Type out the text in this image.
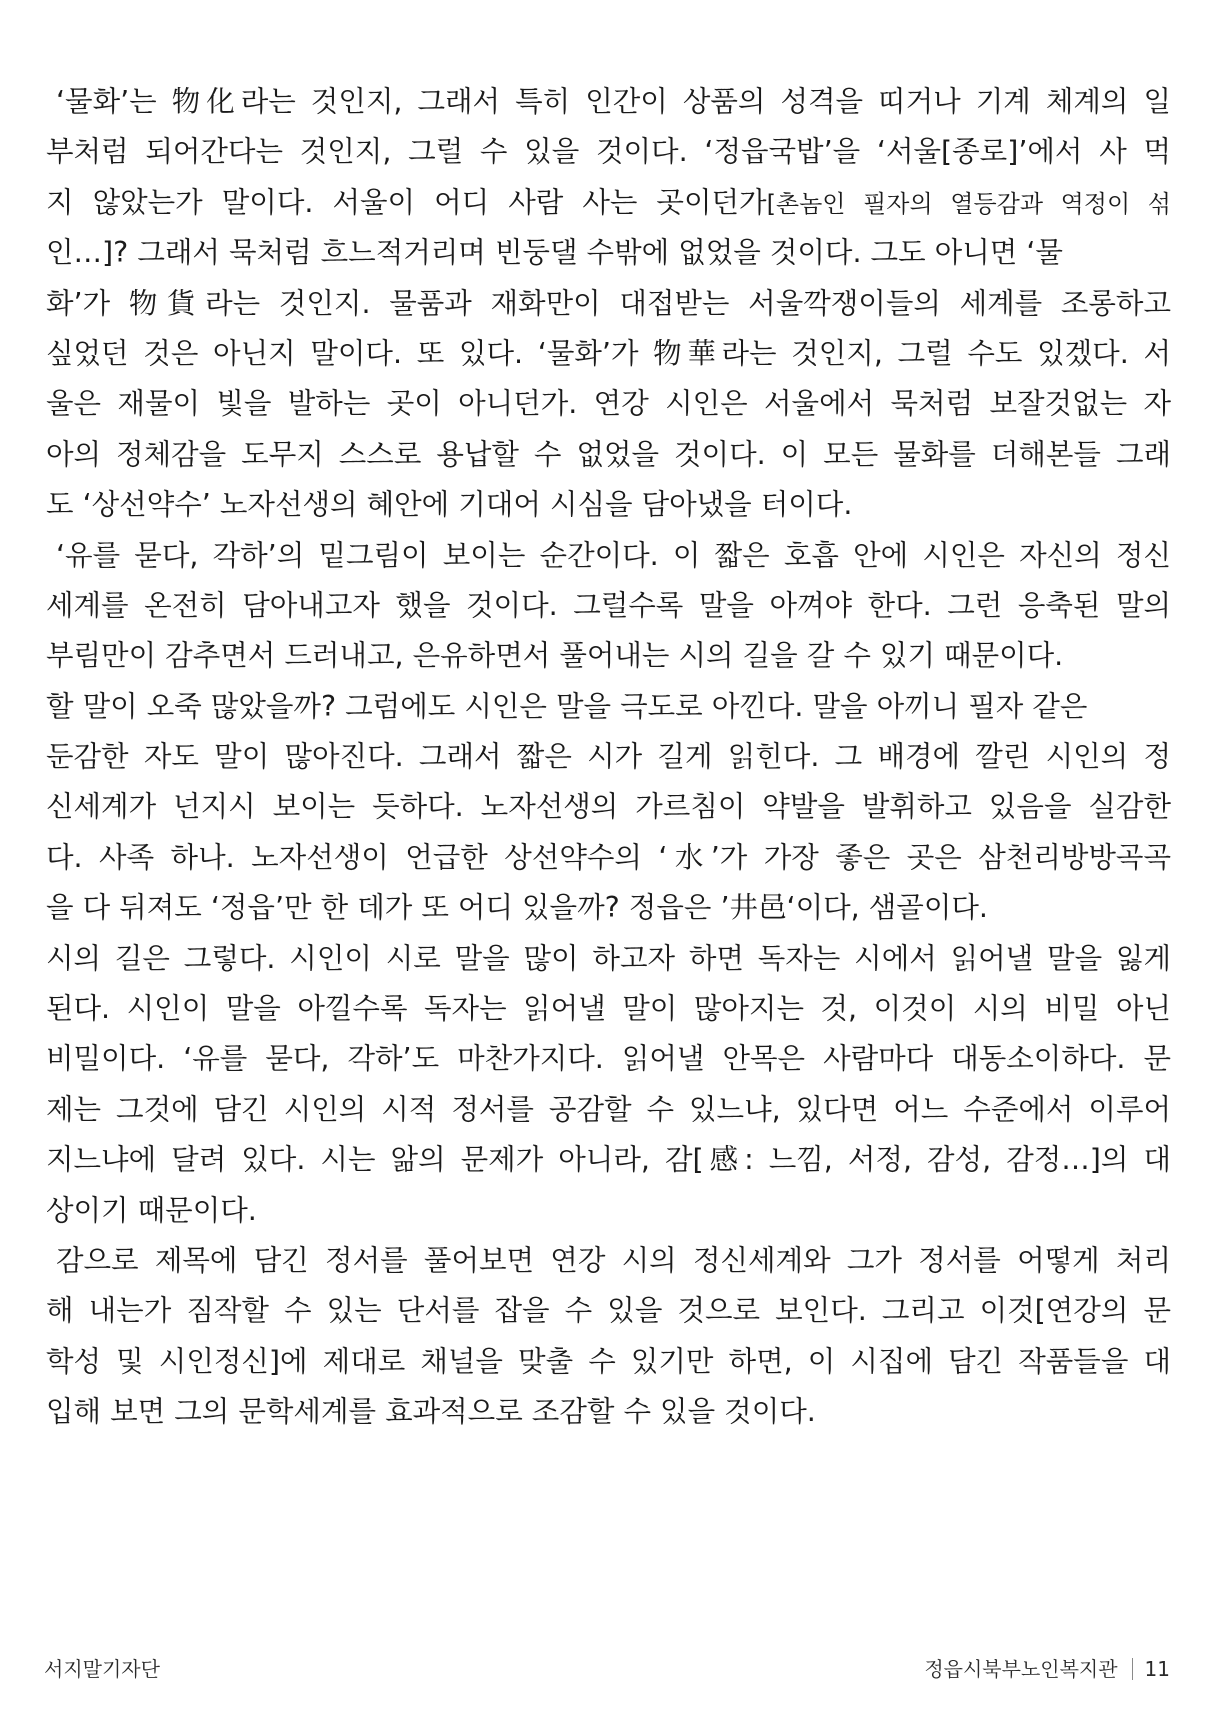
‘물화’는 物化라는 것인지, 그래서 특히 인간이 상품의 성격을 띠거나 기계 체계의 일
부처럼 되어간다는 것인지, 그럴 수 있을 것이다. ‘정읍국밥’을 ‘서울[종로]’에서 사 먹
지 않았는가 말이다. 서울이 어디 사람 사는 곳이던가[촌놈인 필자의 열등감과 역정이 섞
인…]? 그래서 묵처럼 흐느적거리며 빈둥댈 수밖에 없었을 것이다. 그도 아니면 ‘물
화’가 物貨라는 것인지. 물품과 재화만이 대접받는 서울깍쟁이들의 세계를 조롱하고
싶었던 것은 아닌지 말이다. 또 있다. ‘물화’가 物華라는 것인지, 그럴 수도 있겠다. 서
울은 재물이 빛을 발하는 곳이 아니던가. 연강 시인은 서울에서 묵처럼 보잘것없는 자
아의 정체감을 도무지 스스로 용납할 수 없었을 것이다. 이 모든 물화를 더해본들 그래
도 ‘상선약수’ 노자선생의 혜안에 기대어 시심을 담아냈을 터이다.
‘유를 묻다, 각하’의 밑그림이 보이는 순간이다. 이 짧은 호흡 안에 시인은 자신의 정신
세계를 온전히 담아내고자 했을 것이다. 그럴수록 말을 아껴야 한다. 그런 응축된 말의
부림만이 감추면서 드러내고, 은유하면서 풀어내는 시의 길을 갈 수 있기 때문이다.
할 말이 오죽 많았을까? 그럼에도 시인은 말을 극도로 아낀다. 말을 아끼니 필자 같은
둔감한 자도 말이 많아진다. 그래서 짧은 시가 길게 읽힌다. 그 배경에 깔린 시인의 정
신세계가 넌지시 보이는 듯하다. 노자선생의 가르침이 약발을 발휘하고 있음을 실감한
다. 사족 하나. 노자선생이 언급한 상선약수의 ‘水’가 가장 좋은 곳은 삼천리방방곡곡
을 다 뒤져도 ‘정읍’만 한 데가 또 어디 있을까? 정읍은 ’井邑‘이다, 샘골이다.
시의 길은 그렇다. 시인이 시로 말을 많이 하고자 하면 독자는 시에서 읽어낼 말을 잃게
된다. 시인이 말을 아낄수록 독자는 읽어낼 말이 많아지는 것, 이것이 시의 비밀 아닌
비밀이다. ‘유를 묻다, 각하’도 마찬가지다. 읽어낼 안목은 사람마다 대동소이하다. 문
제는 그것에 담긴 시인의 시적 정서를 공감할 수 있느냐, 있다면 어느 수준에서 이루어
지느냐에 달려 있다. 시는 앎의 문제가 아니라, 감[感: 느낌, 서정, 감성, 감정…]의 대
상이기 때문이다.
감으로 제목에 담긴 정서를 풀어보면 연강 시의 정신세계와 그가 정서를 어떻게 처리
해 내는가 짐작할 수 있는 단서를 잡을 수 있을 것으로 보인다. 그리고 이것[연강의 문
학성 및 시인정신]에 제대로 채널을 맞출 수 있기만 하면, 이 시집에 담긴 작품들을 대
입해 보면 그의 문학세계를 효과적으로 조감할 수 있을 것이다.
서지말기자단	정읍시북부노인복지관 11
